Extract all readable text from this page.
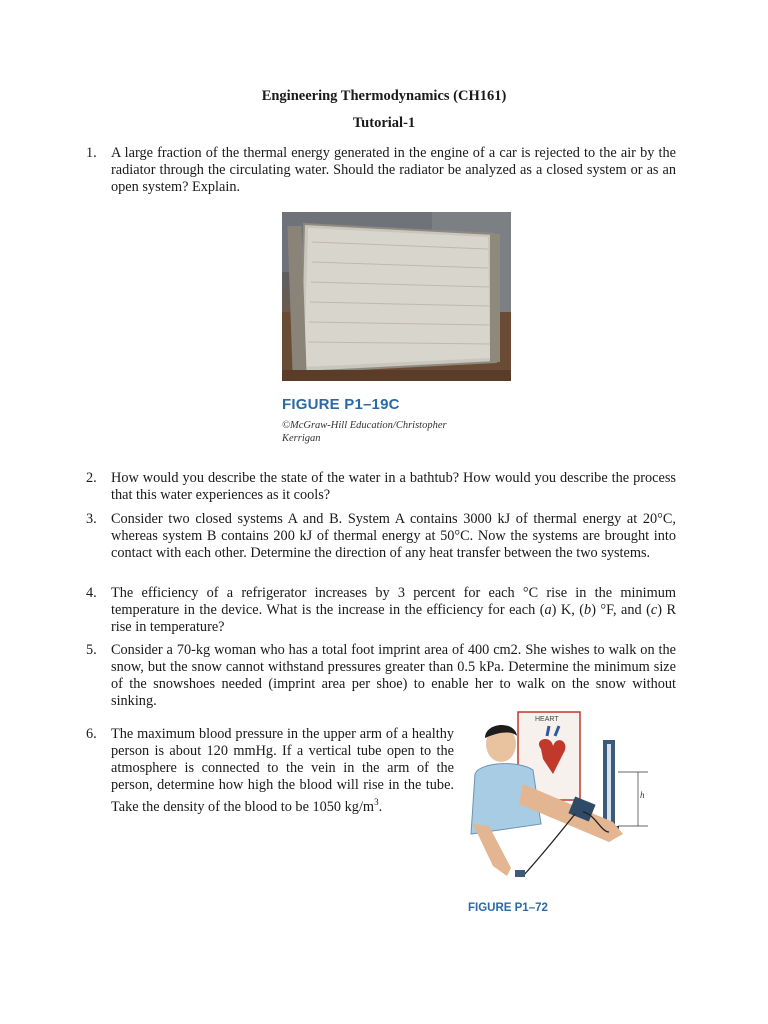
Engineering Thermodynamics (CH161)
Tutorial-1
1. A large fraction of the thermal energy generated in the engine of a car is rejected to the air by the radiator through the circulating water. Should the radiator be analyzed as a closed system or as an open system? Explain.
FIGURE P1–19C
©McGraw-Hill Education/Christopher
Kerrigan
2. How would you describe the state of the water in a bathtub? How would you describe the process that this water experiences as it cools?
3. Consider two closed systems A and B. System A contains 3000 kJ of thermal energy at 20°C, whereas system B contains 200 kJ of thermal energy at 50°C. Now the systems are brought into contact with each other. Determine the direction of any heat transfer between the two systems.
4. The efficiency of a refrigerator increases by 3 percent for each °C rise in the minimum temperature in the device. What is the increase in the efficiency for each (a) K, (b) °F, and (c) R rise in temperature?
5. Consider a 70-kg woman who has a total foot imprint area of 400 cm2. She wishes to walk on the snow, but the snow cannot withstand pressures greater than 0.5 kPa. Determine the minimum size of the snowshoes needed (imprint area per shoe) to enable her to walk on the snow without sinking.
6. The maximum blood pressure in the upper arm of a healthy person is about 120 mmHg. If a vertical tube open to the atmosphere is connected to the vein in the arm of the person, determine how high the blood will rise in the tube. Take the density of the blood to be 1050 $kg/m^3$.
HEART
h
FIGURE P1–72
